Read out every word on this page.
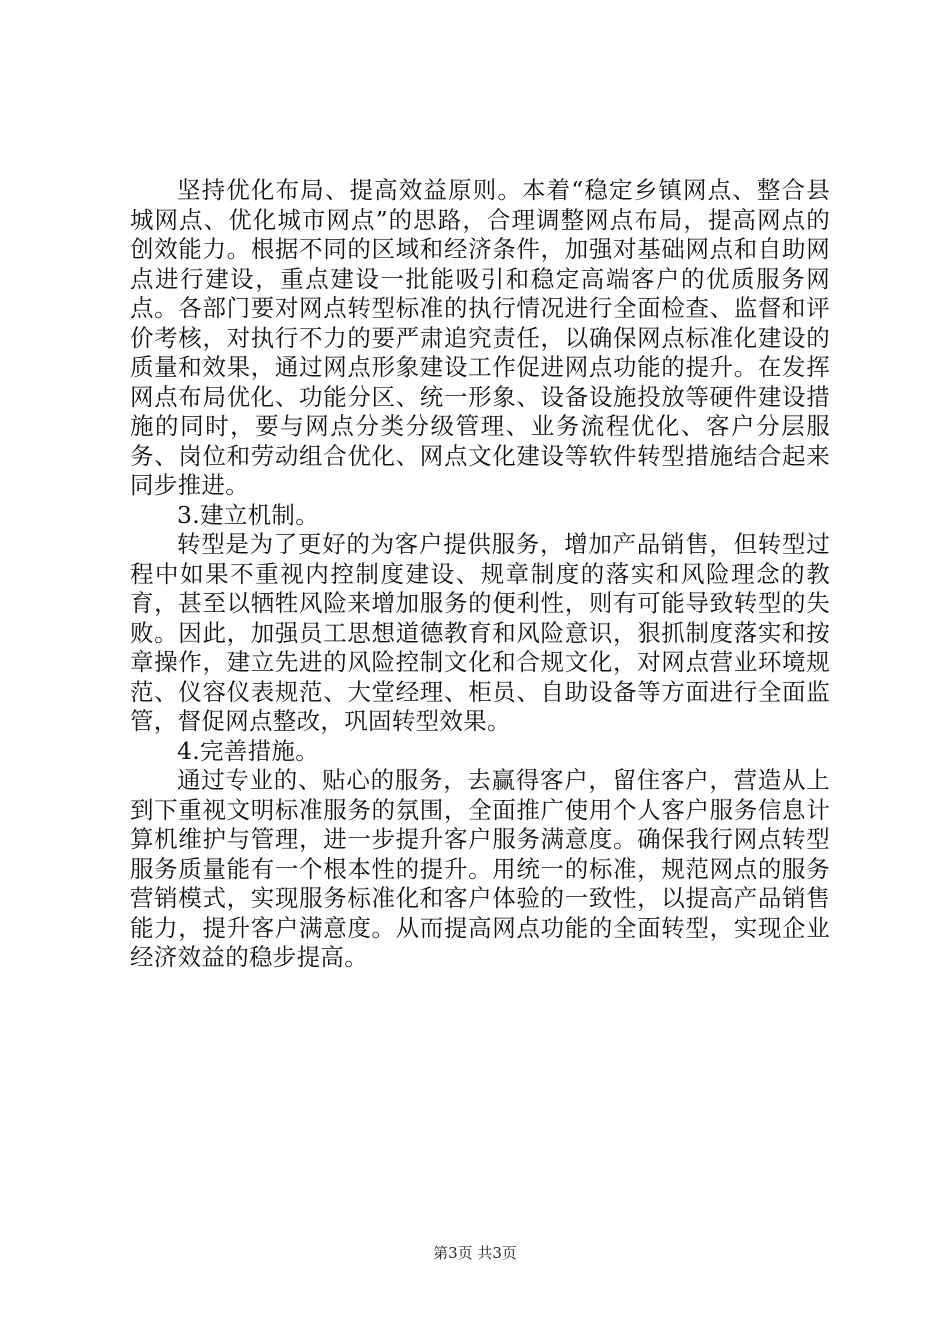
坚持优化布局、提高效益原则。本着“稳定乡镇网点、整合县城网点、优化城市网点”的思路，合理调整网点布局，提高网点的创效能力。根据不同的区域和经济条件，加强对基础网点和自助网点进行建设，重点建设一批能吸引和稳定高端客户的优质服务网点。各部门要对网点转型标准的执行情况进行全面检查、监督和评价考核，对执行不力的要严肃追究责任，以确保网点标准化建设的质量和效果，通过网点形象建设工作促进网点功能的提升。在发挥网点布局优化、功能分区、统一形象、设备设施投放等硬件建设措施的同时，要与网点分类分级管理、业务流程优化、客户分层服务、岗位和劳动组合优化、网点文化建设等软件转型措施结合起来同步推进。

3.建立机制。

转型是为了更好的为客户提供服务，增加产品销售，但转型过程中如果不重视内控制度建设、规章制度的落实和风险理念的教育，甚至以牺牲风险来增加服务的便利性，则有可能导致转型的失败。因此，加强员工思想道德教育和风险意识，狠抓制度落实和按章操作，建立先进的风险控制文化和合规文化，对网点营业环境规范、仪容仪表规范、大堂经理、柜员、自助设备等方面进行全面监管，督促网点整改，巩固转型效果。

4.完善措施。

通过专业的、贴心的服务，去赢得客户，留住客户，营造从上到下重视文明标准服务的氛围，全面推广使用个人客户服务信息计算机维护与管理，进一步提升客户服务满意度。确保我行网点转型服务质量能有一个根本性的提升。用统一的标准，规范网点的服务营销模式，实现服务标准化和客户体验的一致性，以提高产品销售能力，提升客户满意度。从而提高网点功能的全面转型，实现企业经济效益的稳步提高。

第3页 共3页
